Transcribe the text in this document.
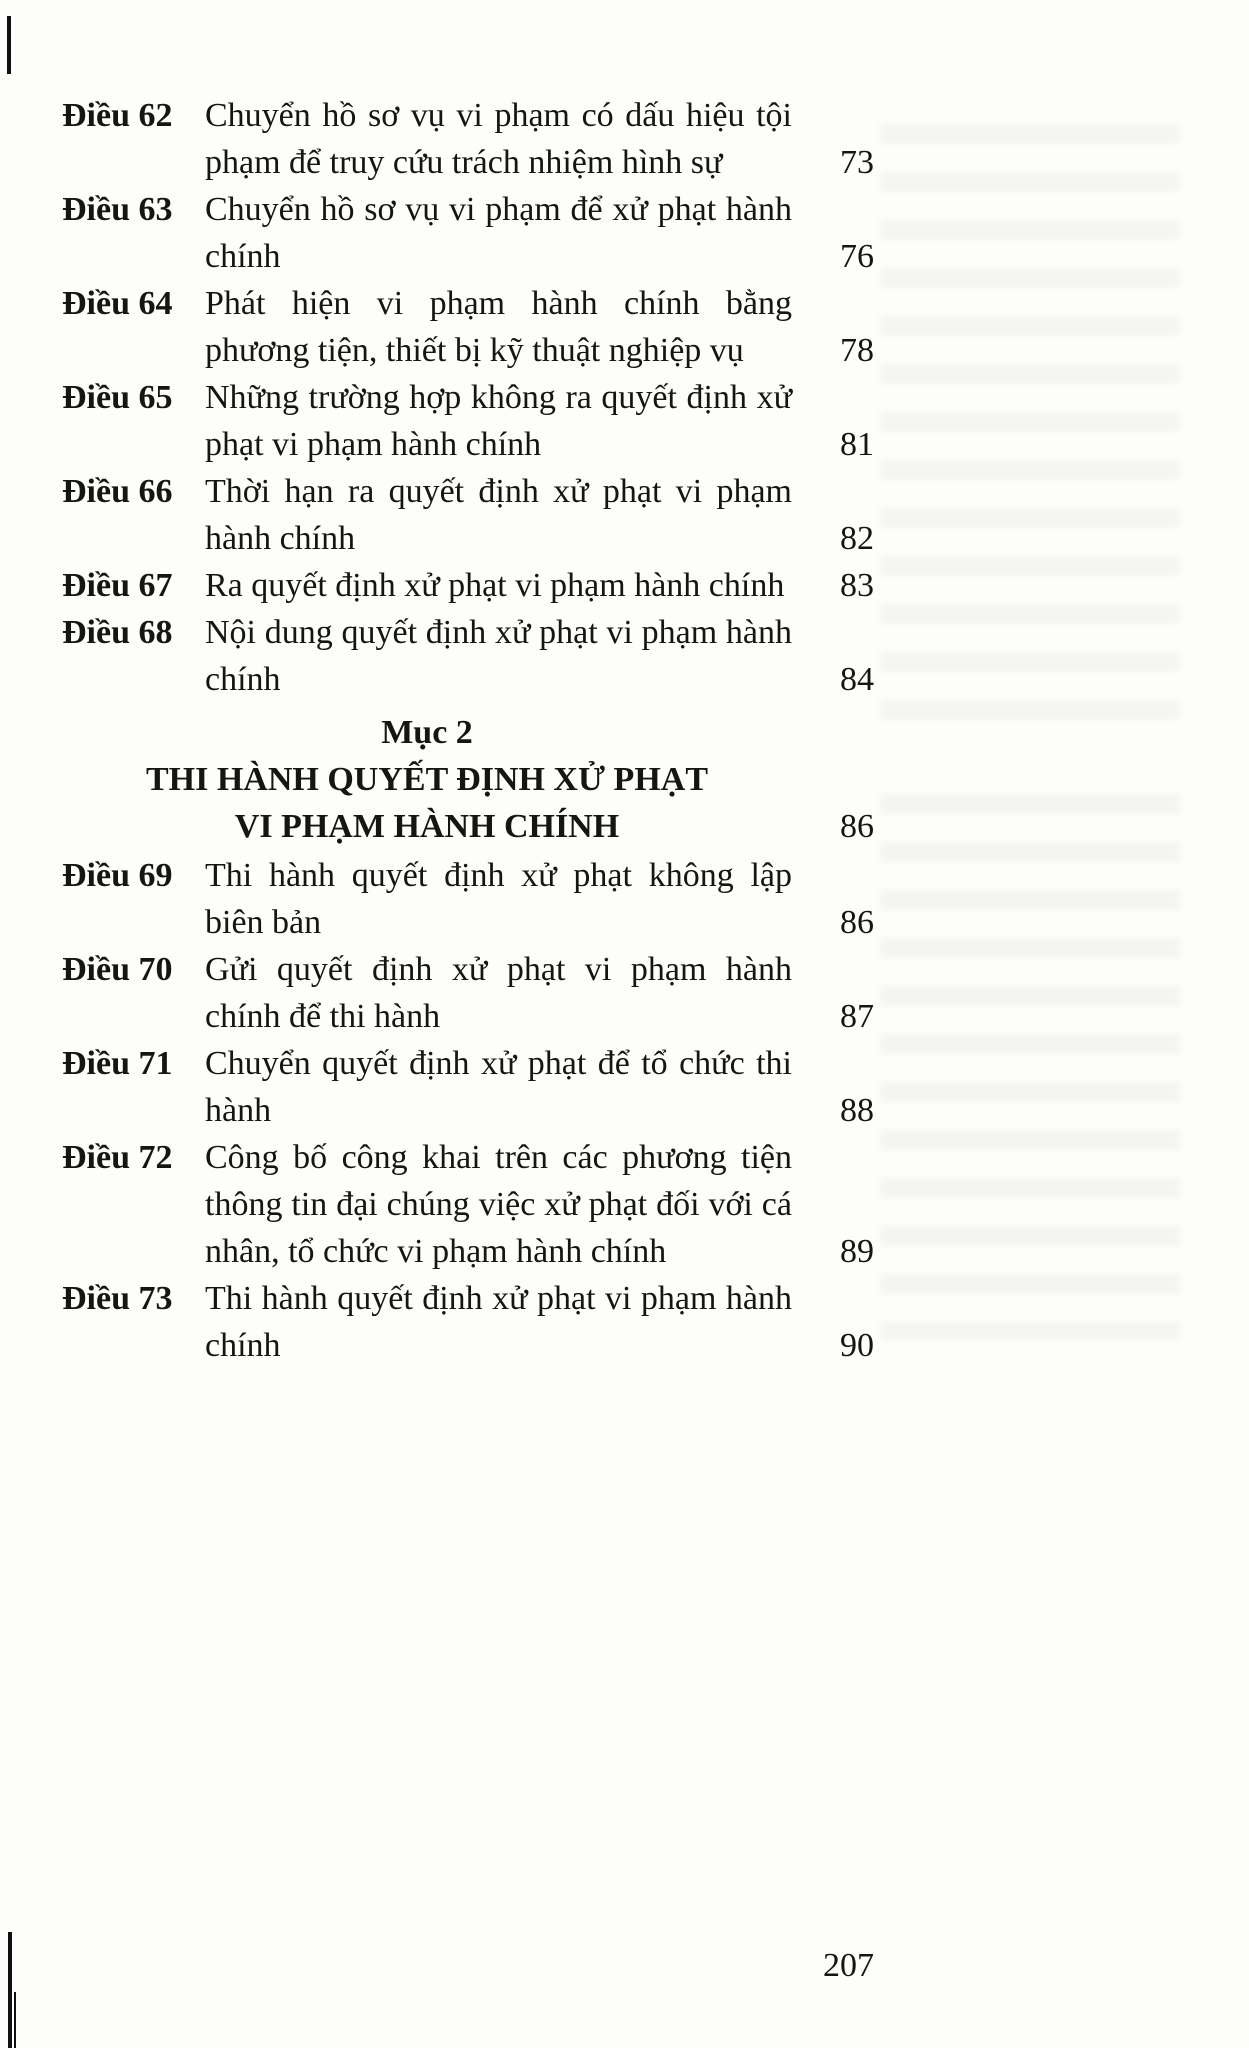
Điều 62 Chuyển hồ sơ vụ vi phạm có dấu hiệu tội phạm để truy cứu trách nhiệm hình sự	73
Điều 63 Chuyển hồ sơ vụ vi phạm để xử phạt hành chính	76
Điều 64 Phát hiện vi phạm hành chính bằng phương tiện, thiết bị kỹ thuật nghiệp vụ	78
Điều 65 Những trường hợp không ra quyết định xử phạt vi phạm hành chính	81
Điều 66 Thời hạn ra quyết định xử phạt vi phạm hành chính	82
Điều 67 Ra quyết định xử phạt vi phạm hành chính	83
Điều 68 Nội dung quyết định xử phạt vi phạm hành chính	84
Mục 2
THI HÀNH QUYẾT ĐỊNH XỬ PHẠT
VI PHẠM HÀNH CHÍNH	86
Điều 69 Thi hành quyết định xử phạt không lập biên bản	86
Điều 70 Gửi quyết định xử phạt vi phạm hành chính để thi hành	87
Điều 71 Chuyển quyết định xử phạt để tổ chức thi hành	88
Điều 72 Công bố công khai trên các phương tiện thông tin đại chúng việc xử phạt đối với cá nhân, tổ chức vi phạm hành chính	89
Điều 73 Thi hành quyết định xử phạt vi phạm hành chính	90
207
